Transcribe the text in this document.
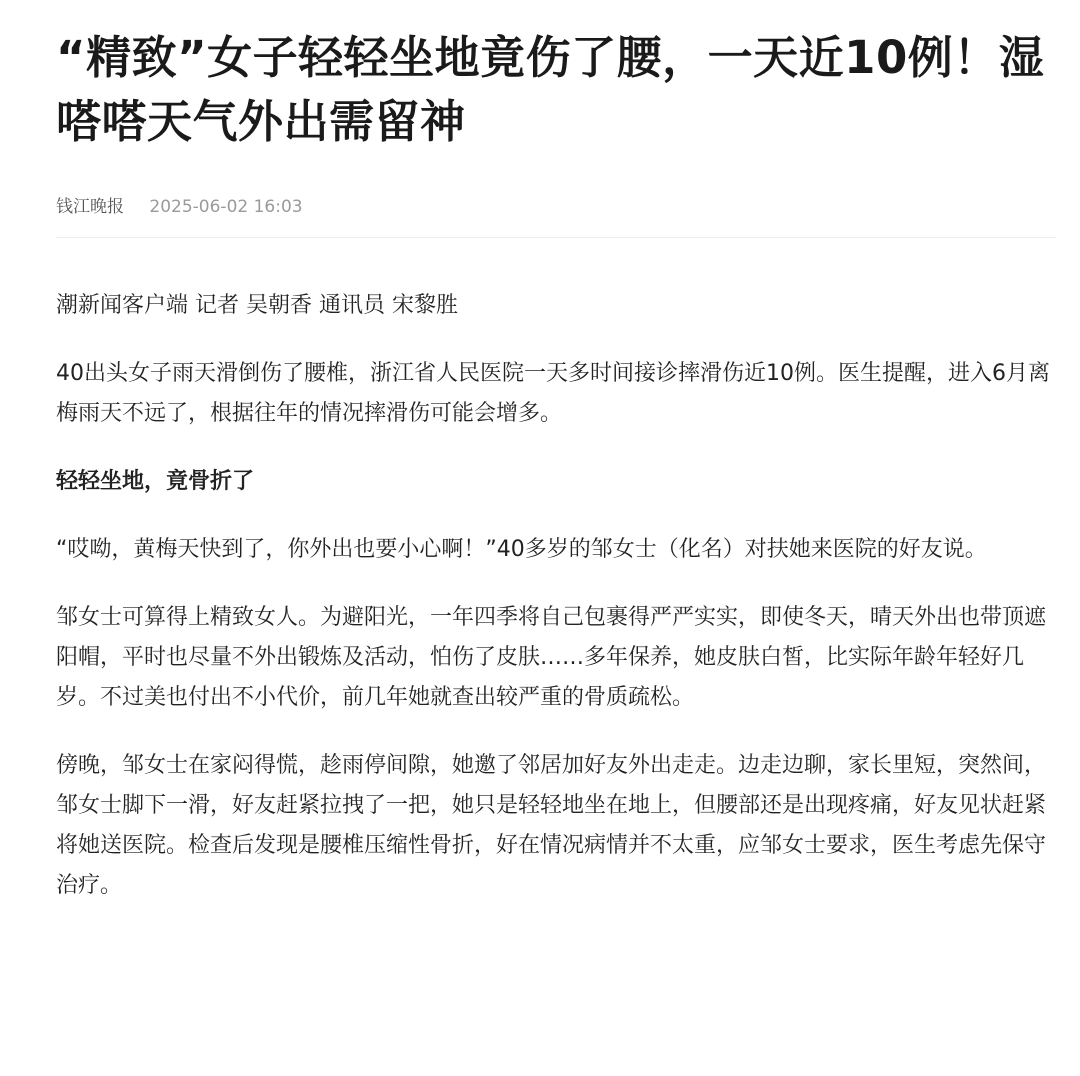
“精致”女子轻轻坐地竟伤了腰，一天近10例！湿嗒嗒天气外出需留神
钱江晚报 2025-06-02 16:03

潮新闻客户端 记者 吴朝香 通讯员 宋黎胜

40出头女子雨天滑倒伤了腰椎，浙江省人民医院一天多时间接诊摔滑伤近10例。医生提醒，进入6月离梅雨天不远了，根据往年的情况摔滑伤可能会增多。

轻轻坐地，竟骨折了

“哎呦，黄梅天快到了，你外出也要小心啊！”40多岁的邹女士（化名）对扶她来医院的好友说。

邹女士可算得上精致女人。为避阳光，一年四季将自己包裹得严严实实，即使冬天，晴天外出也带顶遮阳帽，平时也尽量不外出锻炼及活动，怕伤了皮肤……多年保养，她皮肤白皙，比实际年龄年轻好几岁。不过美也付出不小代价，前几年她就查出较严重的骨质疏松。

傍晚，邹女士在家闷得慌，趁雨停间隙，她邀了邻居加好友外出走走。边走边聊，家长里短，突然间，邹女士脚下一滑，好友赶紧拉拽了一把，她只是轻轻地坐在地上，但腰部还是出现疼痛，好友见状赶紧将她送医院。检查后发现是腰椎压缩性骨折，好在情况病情并不太重，应邹女士要求，医生考虑先保守治疗。
